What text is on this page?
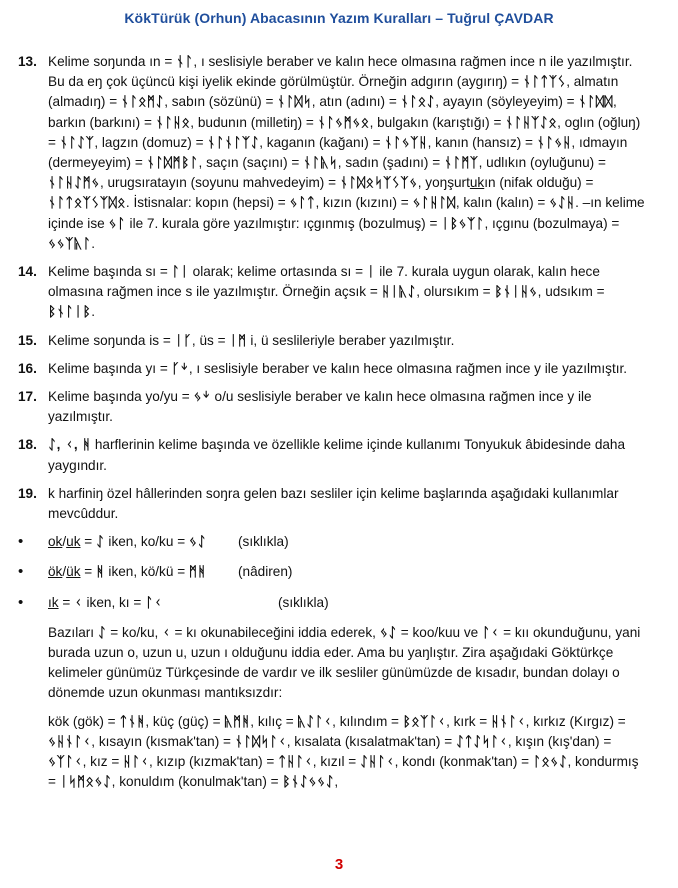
KökTürük (Orhun) Abacasının Yazım Kuralları – Tuğrul ÇAVDAR
13. Kelime soŋunda ın = ᚾᛚ, ı seslisiyle beraber ve kalın hece olmasına rağmen ince n ile yazılmıştır. Bu da eŋ çok üçüncü kişi iyelik ekinde görülmüştür. Örneğin adgırın (aygırıŋ) = ᚾᛚᛏᛉᛊ, almatın (almadıŋ) = ᚾᛚᛟᛗᛇ, sabın (sözünü) = ᚾᛚᛞᛋ, atın (adını) = ᚾᛚᛟᛇ, ayayın (söyleyeyim) = ᚾᛚᛞᛞ, barkın (barkını) = ᚾᛚᚺᛟ, budunın (milletiŋ) = ᚾᛚᛃᛗᛃᛟ, bulgakın (karıştığı) = ᚾᛚᚺᛉᛇᛟ, oglın (oğluŋ) = ᚾᛚᛇᛉ, lagzın (domuz) = ᚾᛚᚾᛚᛉᛇ, kaganın (kağanı) = ᚾᛚᛃᛉᚺ, kanın (hansız) = ᚾᛚᛃᚺ, ıdmayın (dermeyeyim) = ᚾᛚᛞᛗᛒᛚ, saçın (saçını) = ᚾᛚᚣᛋ, sadın (şadını) = ᚾᛚᛗᛉ, udlıkın (oyluğunu) = ᚾᛚᚺᛇᛗᛃ, urugsıratayın (soyunu mahvedeyim) = ᚾᛚᛞᛟᛋᛉᛊᛉᛃ, yoŋşurtukın (nifak olduğu) = ᚾᛚᛏᛟᛉᛊᛉᛞᛟ. İstisnalar: kopın (hepsi) = ᛃᛚᛏ, kızın (kızını) = ᛃᛚᚺᛚᛞ, kalın (kalın) = ᛃᛇᚺ. –ın kelime içinde ise ᛃᛚ ile 7. kurala göre yazılmıştır: ıçgınmış (bozulmuş) = ᛁᛒᛃᛉᛚ, ıçgınu (bozulmaya) = ᛃᛃᛉᚣᛚ.
14. Kelime başında sı = ᛚᛁ olarak; kelime ortasında sı = ᛁ ile 7. kurala uygun olarak, kalın hece olmasına rağmen ince s ile yazılmıştır. Örneğin açsık = ᚺᛁᚣᛇ, olursıkım = ᛒᚾᛁᚺᛃ, udsıkım = ᛒᚾᛚᛁᛒ.
15. Kelime soŋunda is = ᛁᚴ, üs = ᛁᛗ i, ü seslileriyle beraber yazılmıştır.
16. Kelime başında yı = ᚴᛎ, ı seslisiyle beraber ve kalın hece olmasına rağmen ince y ile yazılmıştır.
17. Kelime başında yo/yu = ᛃᛎ o/u seslisiyle beraber ve kalın hece olmasına rağmen ince y ile yazılmıştır.
18. ᛇ, ᚲ, ᚻ harflerinin kelime başında ve özellikle kelime içinde kullanımı Tonyukuk âbidesinde daha yaygındır.
19. k harfiniŋ özel hâllerinden soŋra gelen bazı sesliler için kelime başlarında aşağıdaki kullanımlar mevcûddur.
•	ok/uk = ᛇ iken, ko/ku = ᛃᛇ	(sıklıkla)
•	ök/ük = ᚻ iken, kö/kü = ᛗᚻ	(nâdiren)
•	ık = ᚲ iken, kı = ᛚᚲ	(sıklıkla)
Bazıları ᛇ = ko/ku, ᚲ = kı okunabileceğini iddia ederek, ᛃᛇ = koo/kuu ve ᛚᚲ = kıı okunduğunu, yani burada uzun o, uzun u, uzun ı olduğunu iddia eder. Ama bu yaŋlıştır. Zira aşağıdaki Göktürkçe kelimeler günümüz Türkçesinde de vardır ve ilk sesliler günümüzde de kısadır, bundan dolayı o dönemde uzun okunması mantıksızdır:
kök (gök) = ᛏᚾᚻ, küç (güç) = ᚣᛗᚻ, kılıç = ᚣᛇᛚᚲ, kılındım = ᛒᛟᛉᛚᚲ, kırk = ᚺᚾᛚᚲ, kırkız (Kırgız) = ᛃᚺᚾᛚᚲ, kısayın (kısmak'tan) = ᚾᛚᛞᛋᛚᚲ, kısalata (kısalatmak'tan) = ᛇᛏᛇᛋᛚᚲ, kışın (kış'dan) = ᛃᛉᛚᚲ, kız = ᚺᛚᚲ, kızıp (kızmak'tan) = ᛏᚺᛚᚲ, kızıl = ᛇᚺᛚᚲ, kondı (konmak'tan) = ᛚᛟᛃᛇ, kondurmış = ᛁᛋᛗᛟᛃᛇ, konuldım (konulmak'tan) = ᛒᚾᛇᛃᛃᛇ,
3
